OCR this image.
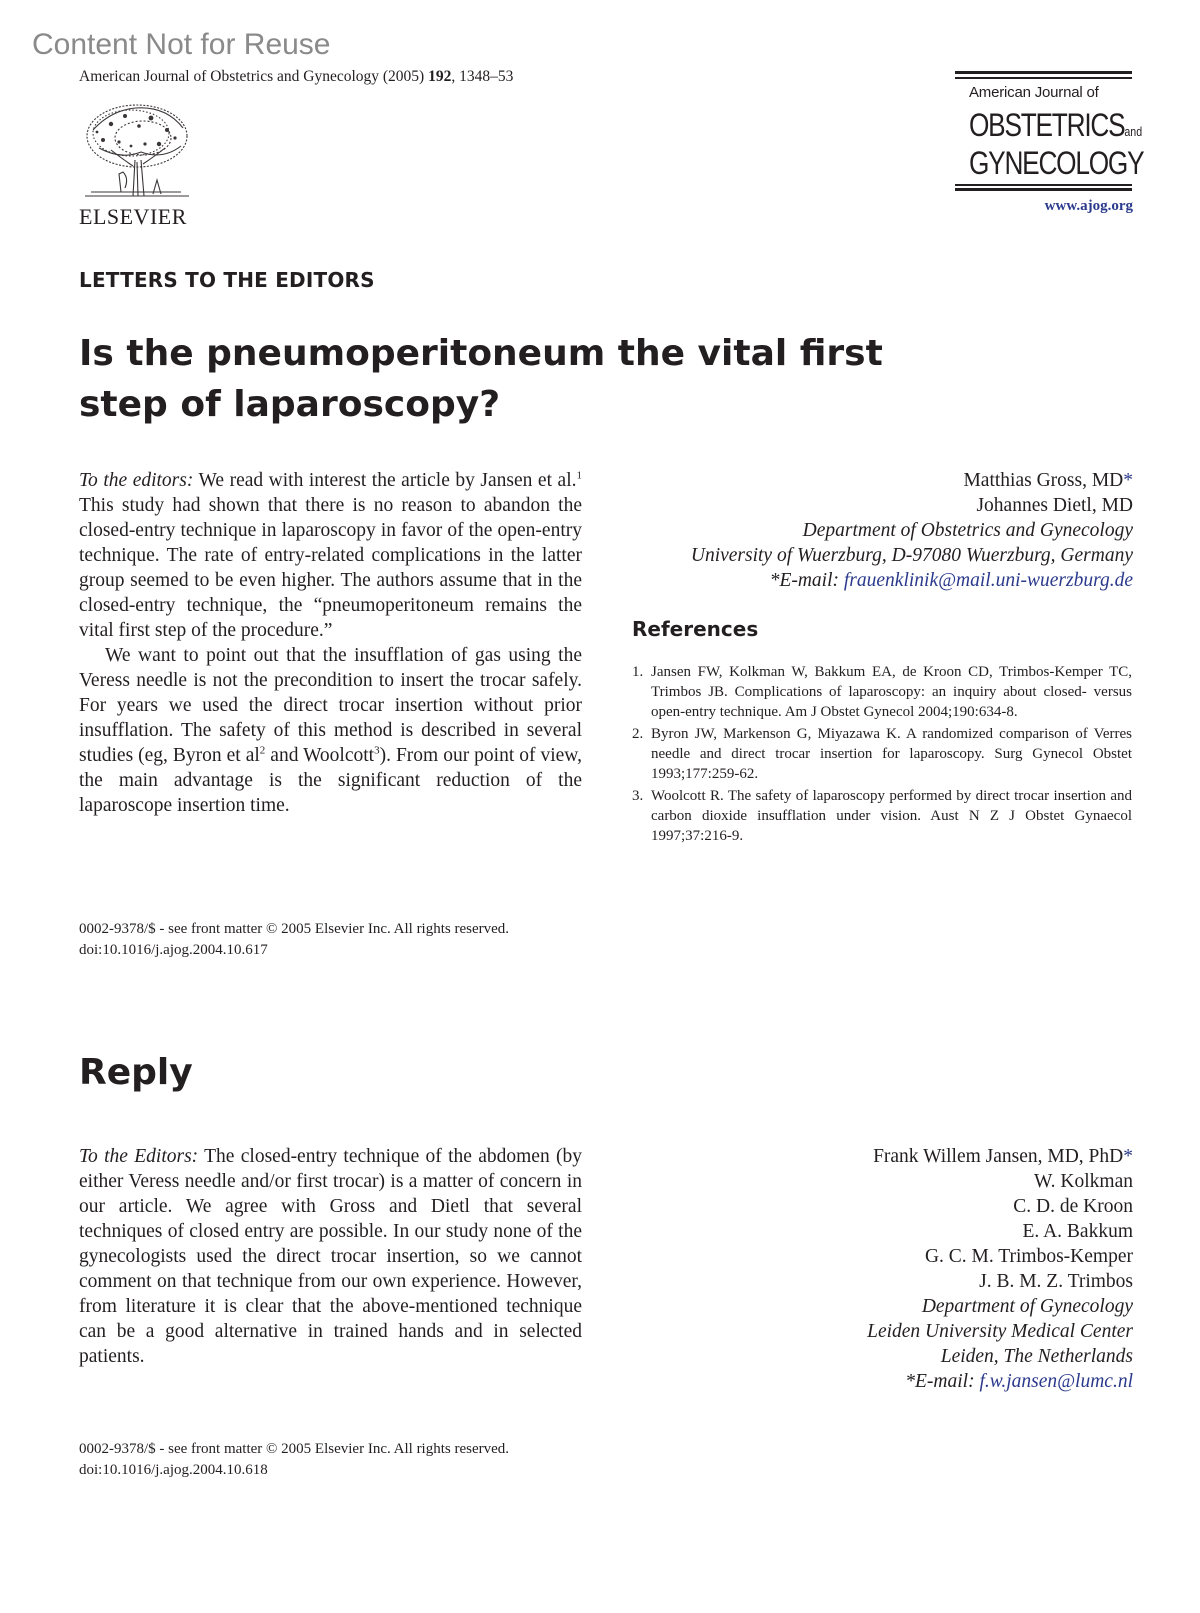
Content Not for Reuse
American Journal of Obstetrics and Gynecology (2005) 192, 1348–53
ELSEVIER
American Journal of
OBSTETRICSand
GYNECOLOGY
www.ajog.org
LETTERS TO THE EDITORS
Is the pneumoperitoneum the vital first step of laparoscopy?

To the editors: We read with interest the article by Jansen et al.$^1$ This study had shown that there is no reason to abandon the closed-entry technique in laparoscopy in favor of the open-entry technique. The rate of entry-related complications in the latter group seemed to be even higher. The authors assume that in the closed-entry technique, the “pneumoperitoneum remains the vital first step of the procedure.”

We want to point out that the insufflation of gas using the Veress needle is not the precondition to insert the trocar safely. For years we used the direct trocar insertion without prior insufflation. The safety of this method is described in several studies (eg, Byron et $al^2$ and Woolcott$^3$). From our point of view, the main advantage is the significant reduction of the laparoscope insertion time.

0002-9378/$ - see front matter © 2005 Elsevier Inc. All rights reserved.
doi:10.1016/j.ajog.2004.10.617
Matthias Gross, MD*
Johannes Dietl, MD
Department of Obstetrics and Gynecology
University of Wuerzburg, D-97080 Wuerzburg, Germany
*E-mail: frauenklinik@mail.uni-wuerzburg.de
References
1. Jansen FW, Kolkman W, Bakkum EA, de Kroon CD, Trimbos-Kemper TC, Trimbos JB. Complications of laparoscopy: an inquiry about closed- versus open-entry technique. Am J Obstet Gynecol 2004;190:634-8.
2. Byron JW, Markenson G, Miyazawa K. A randomized comparison of Verres needle and direct trocar insertion for laparoscopy. Surg Gynecol Obstet 1993;177:259-62.
3. Woolcott R. The safety of laparoscopy performed by direct trocar insertion and carbon dioxide insufflation under vision. Aust N Z J Obstet Gynaecol 1997;37:216-9.
Reply

To the Editors: The closed-entry technique of the abdomen (by either Veress needle and/or first trocar) is a matter of concern in our article. We agree with Gross and Dietl that several techniques of closed entry are possible. In our study none of the gynecologists used the direct trocar insertion, so we cannot comment on that technique from our own experience. However, from literature it is clear that the above-mentioned technique can be a good alternative in trained hands and in selected patients.

0002-9378/$ - see front matter © 2005 Elsevier Inc. All rights reserved.
doi:10.1016/j.ajog.2004.10.618
Frank Willem Jansen, MD, PhD*
W. Kolkman
C. D. de Kroon
E. A. Bakkum
G. C. M. Trimbos-Kemper
J. B. M. Z. Trimbos
Department of Gynecology
Leiden University Medical Center
Leiden, The Netherlands
*E-mail: f.w.jansen@lumc.nl
